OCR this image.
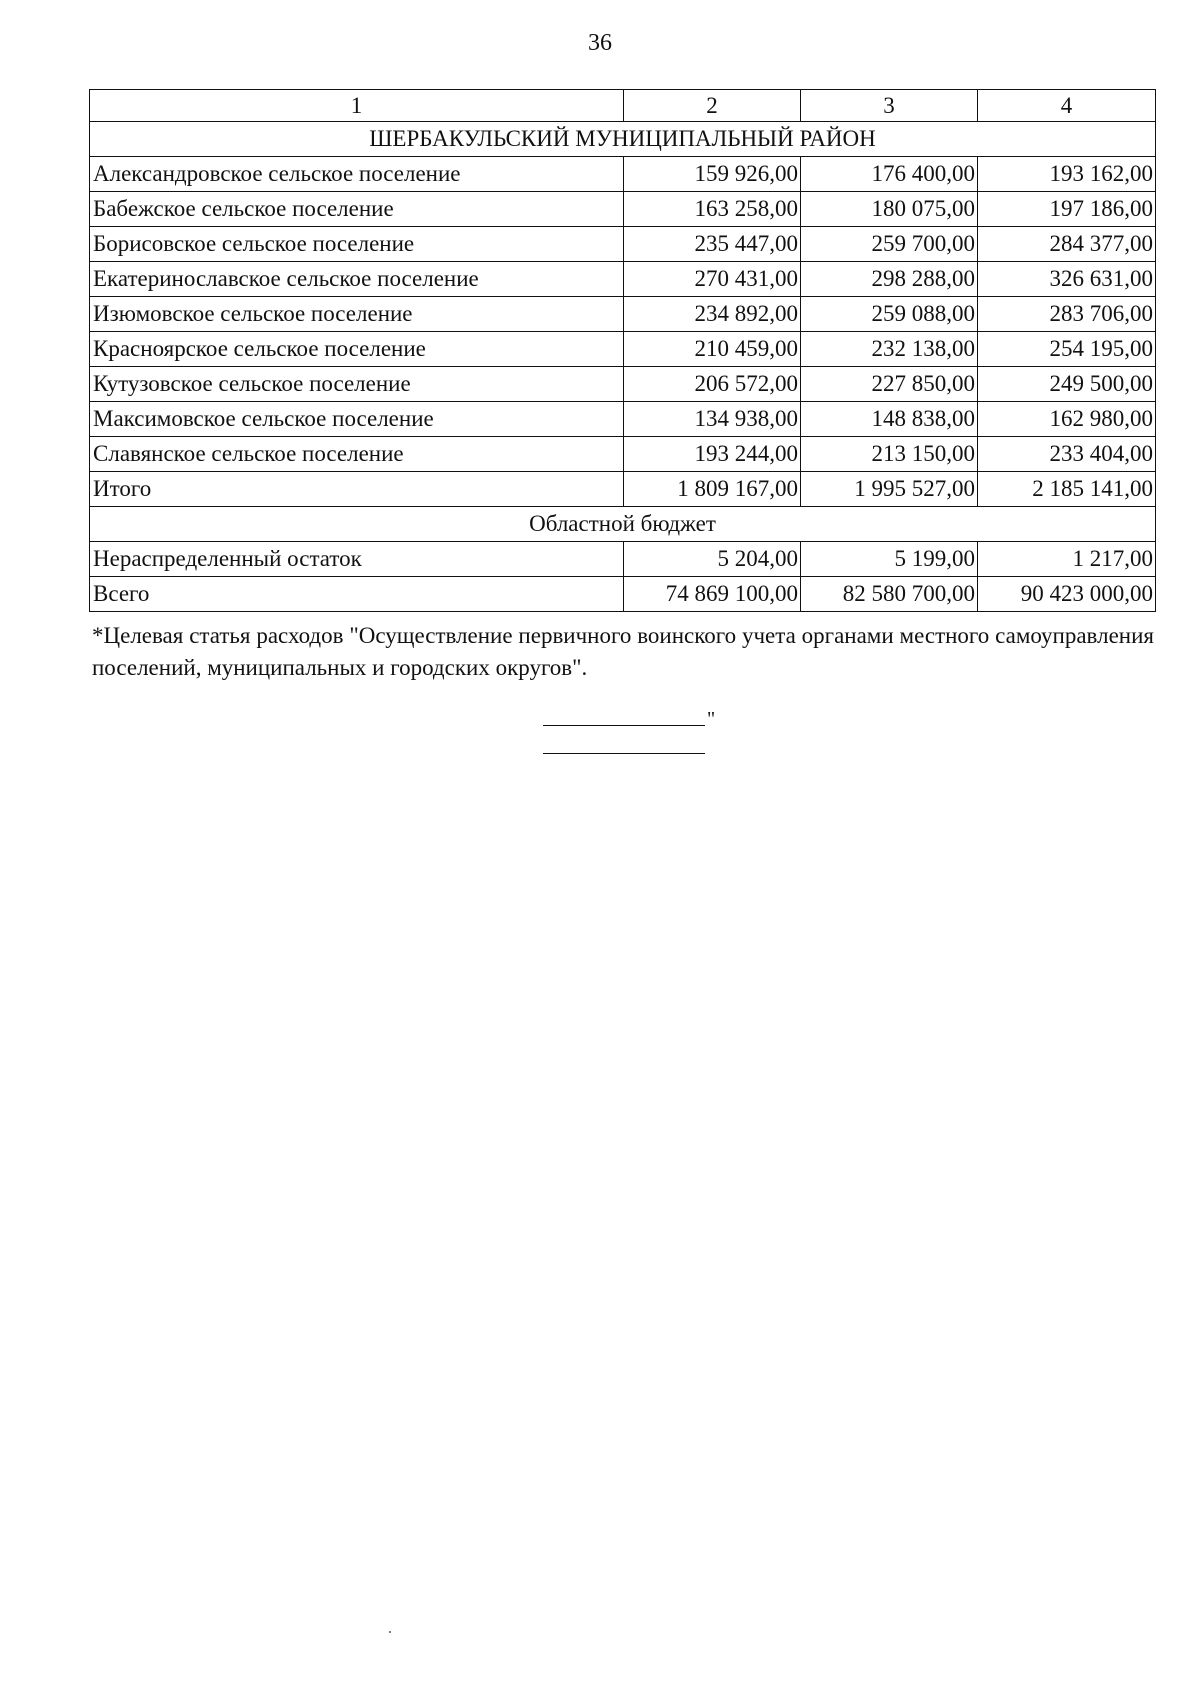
36
1	2	3	4
ШЕРБАКУЛЬСКИЙ МУНИЦИПАЛЬНЫЙ РАЙОН			
Александровское сельское поселение	159 926,00	176 400,00	193 162,00
Бабежское сельское поселение	163 258,00	180 075,00	197 186,00
Борисовское сельское поселение	235 447,00	259 700,00	284 377,00
Екатеринославское сельское поселение	270 431,00	298 288,00	326 631,00
Изюмовское сельское поселение	234 892,00	259 088,00	283 706,00
Красноярское сельское поселение	210 459,00	232 138,00	254 195,00
Кутузовское сельское поселение	206 572,00	227 850,00	249 500,00
Максимовское сельское поселение	134 938,00	148 838,00	162 980,00
Славянское сельское поселение	193 244,00	213 150,00	233 404,00
Итого	1 809 167,00	1 995 527,00	2 185 141,00
Областной бюджет			
Нераспределенный остаток	5 204,00	5 199,00	1 217,00
Всего	74 869 100,00	82 580 700,00	90 423 000,00
*Целевая статья расходов "Осуществление первичного воинского учета органами местного самоуправления поселений, муниципальных и городских округов".
"
